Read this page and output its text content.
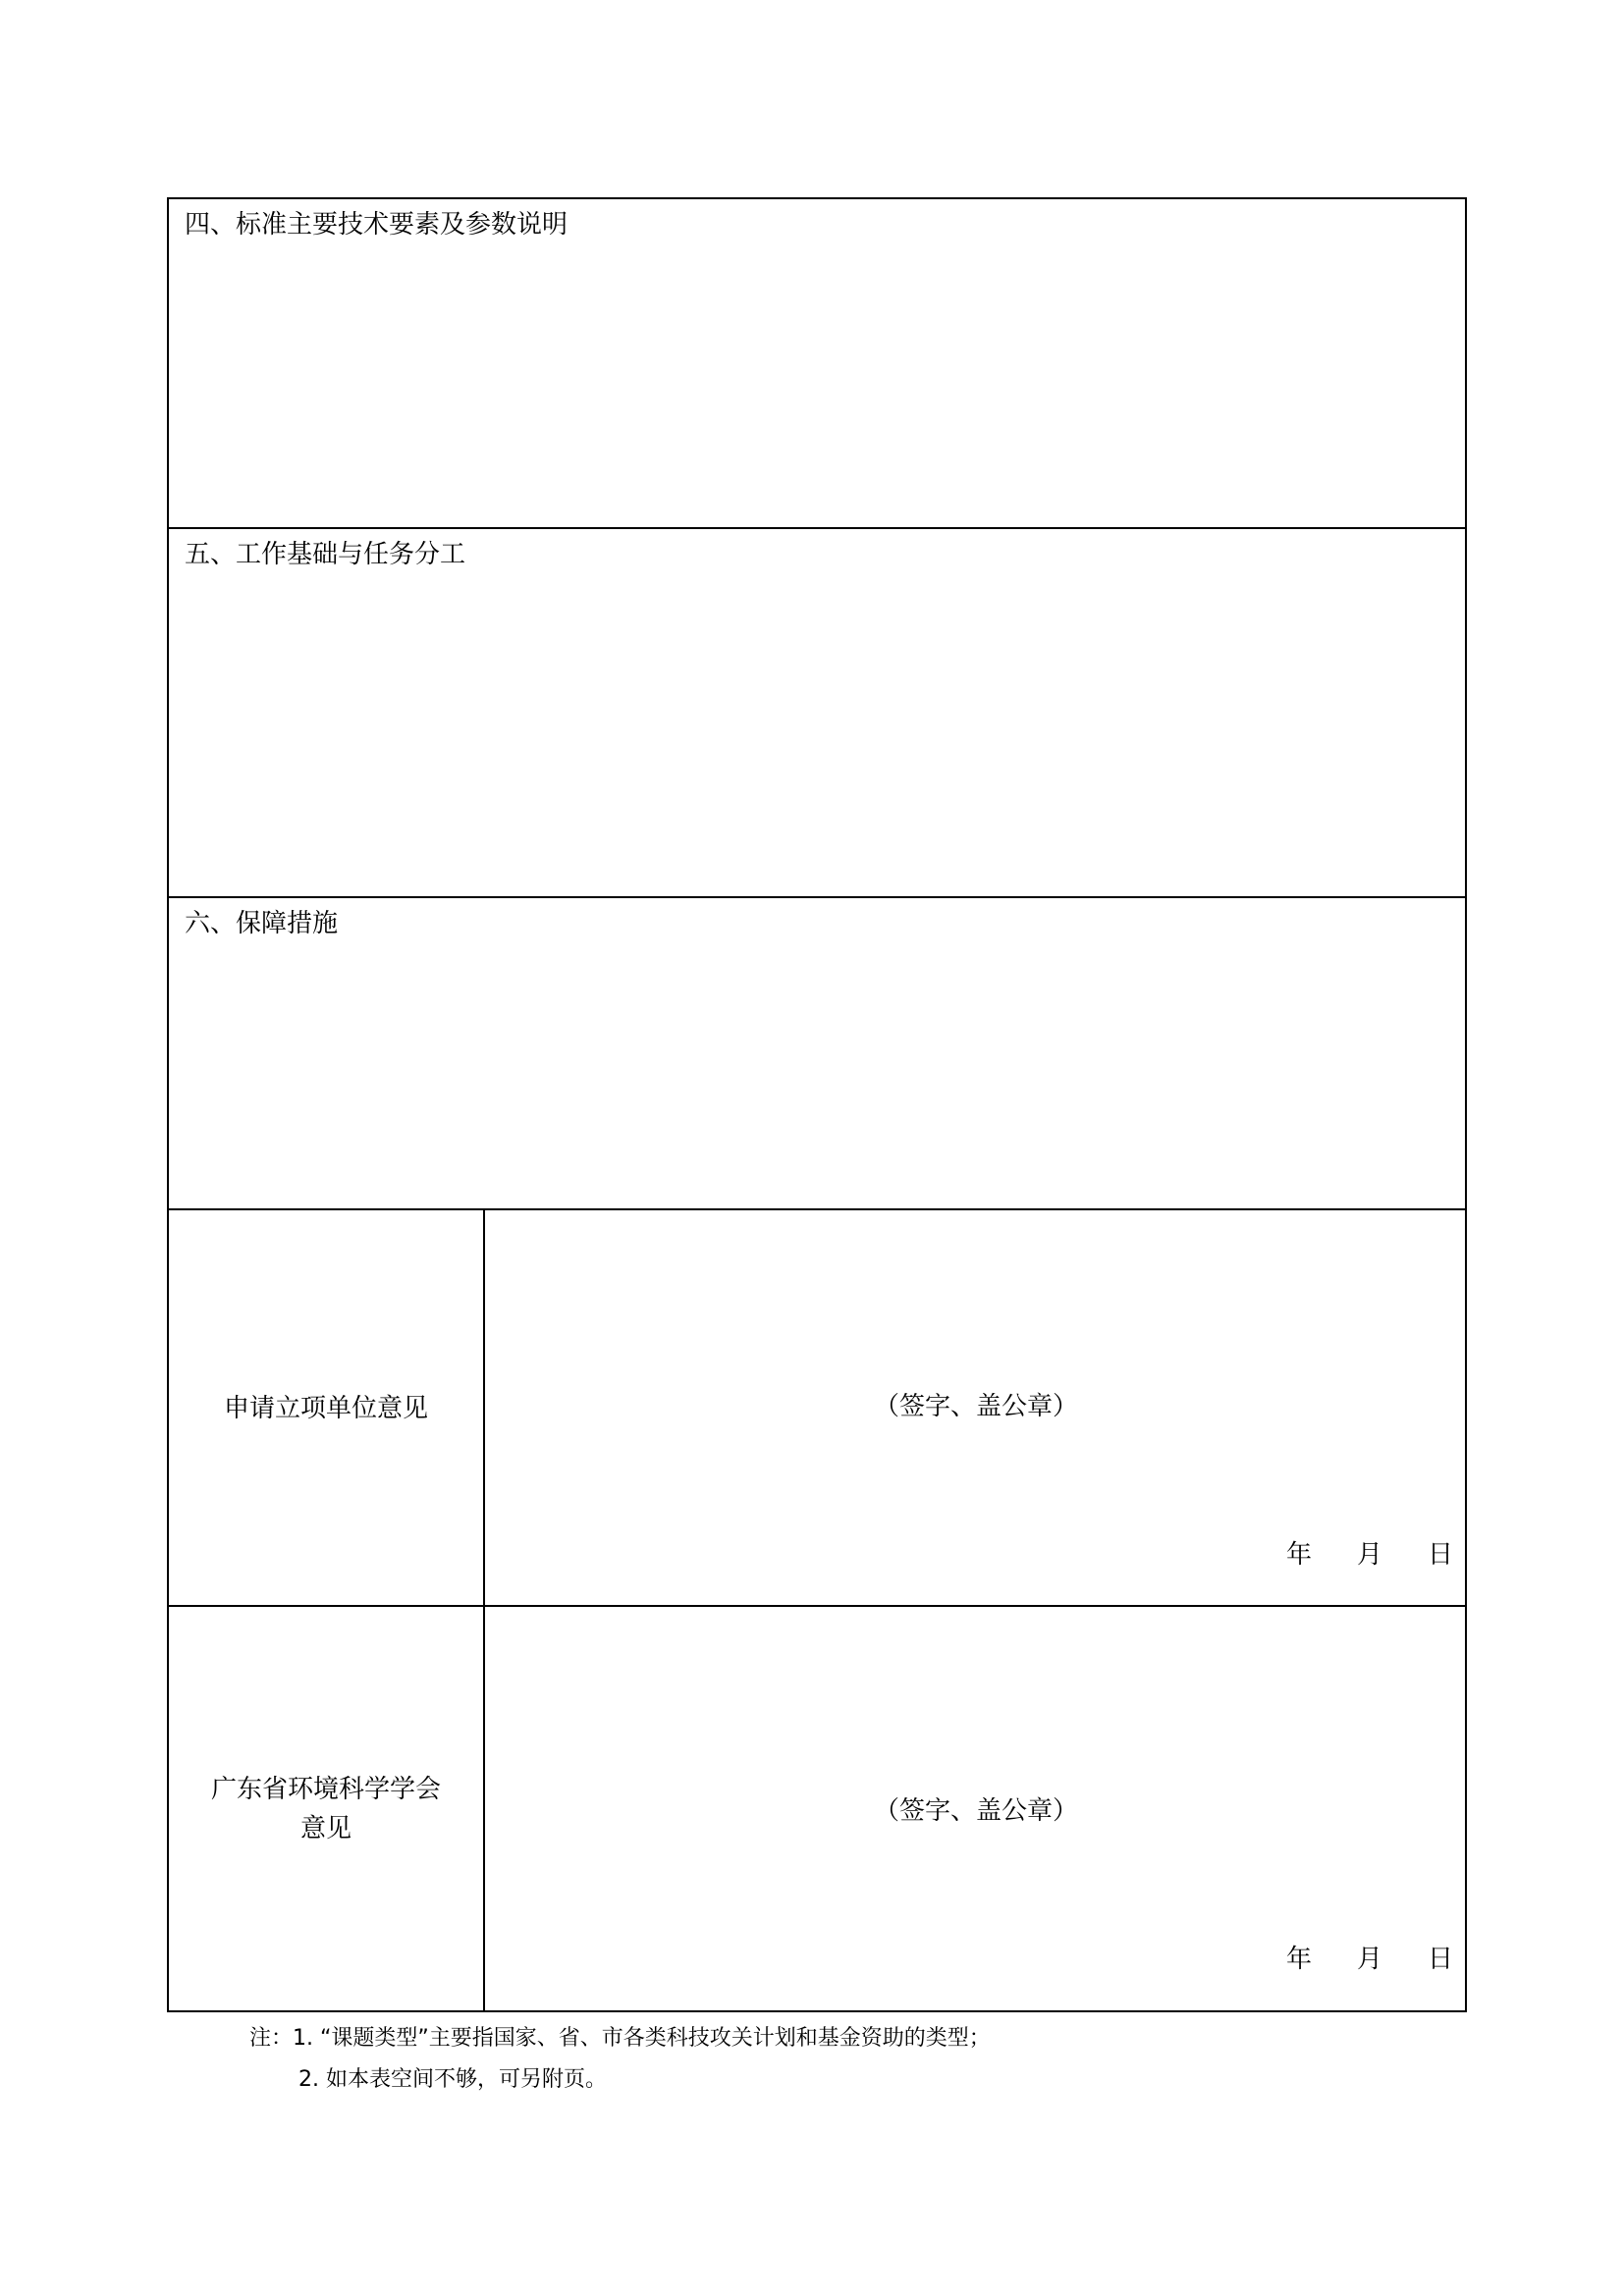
四、标准主要技术要素及参数说明
五、工作基础与任务分工
六、保障措施
申请立项单位意见	（签字、盖公章）
年 月 日
广东省环境科学学会
意见
（签字、盖公章）
年 月 日
注：1. “课题类型”主要指国家、省、市各类科技攻关计划和基金资助的类型；
2. 如本表空间不够，可另附页。
